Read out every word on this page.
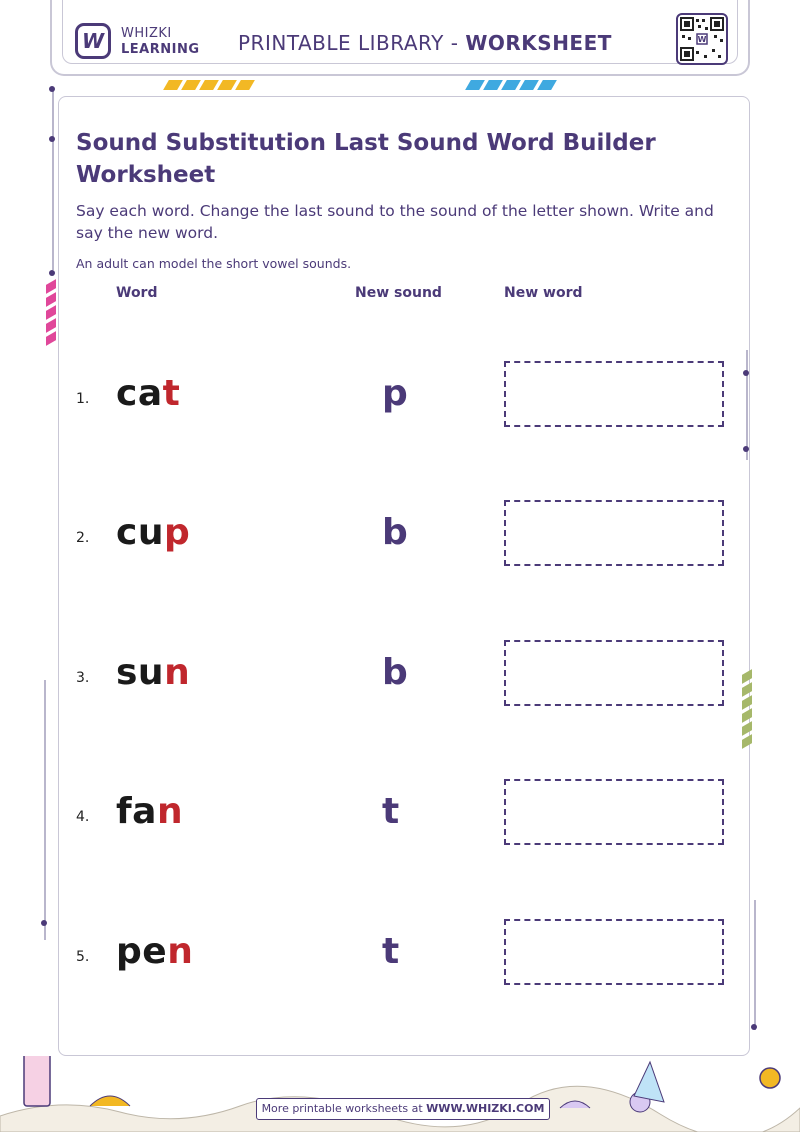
W WHIZKI
LEARNING PRINTABLE LIBRARY - WORKSHEET	W
Sound Substitution Last Sound Word Builder Worksheet
Say each word. Change the last sound to the sound of the letter shown. Write and say the new word.
An adult can model the short vowel sounds.
Word	New sound	New word
1. cat	p
2. cup	b
3. sun	b
4. fan	t
5. pen	t
More printable worksheets at WWW.WHIZKI.COM
